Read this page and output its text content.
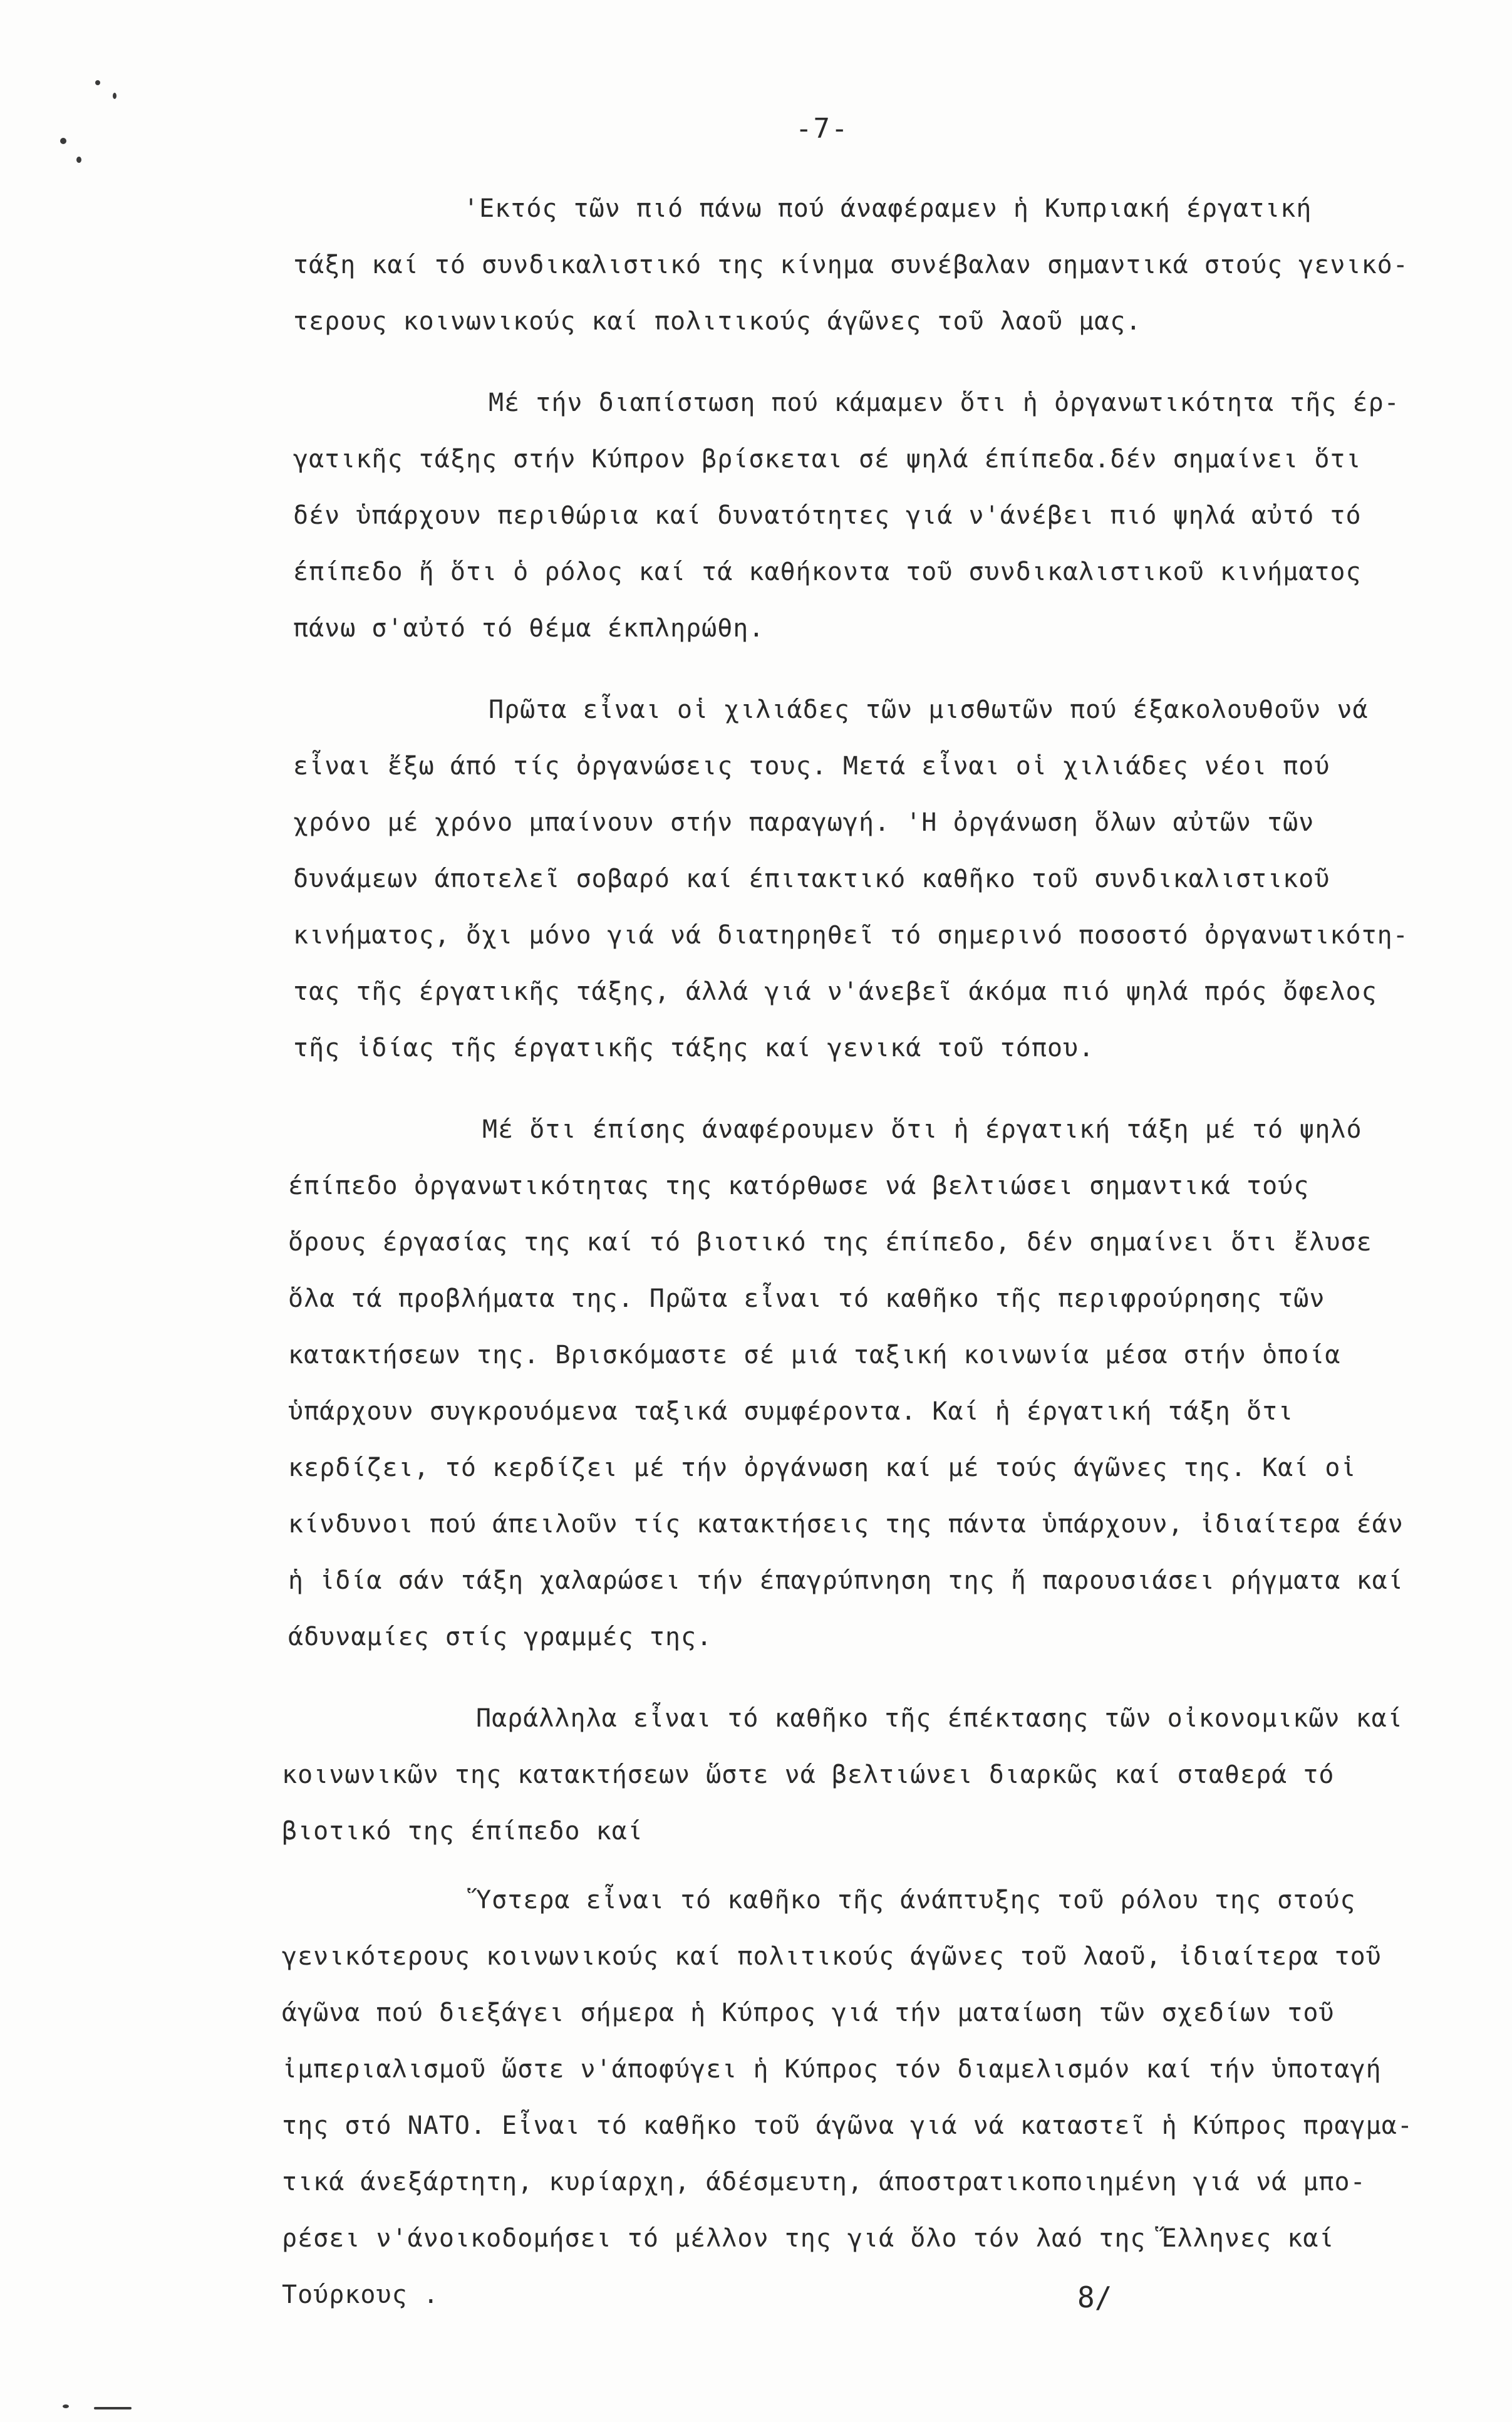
-7-
'Εκτός τῶν πιό πάνω πού άναφέραμεν ἡ Κυπριακή έργατική
τάξη καί τό συνδικαλιστικό της κίνημα συνέβαλαν σημαντικά στούς γενικό-
τερους κοινωνικούς καί πολιτικούς άγῶνες τοῦ λαοῦ μας.
Μέ τήν διαπίστωση πού κάμαμεν ὅτι ἡ ὀργανωτικότητα τῆς έρ-
γατικῆς τάξης στήν Κύπρον βρίσκεται σέ ψηλά έπίπεδα.δέν σημαίνει ὅτι
δέν ὑπάρχουν περιθώρια καί δυνατότητες γιά ν'άνέβει πιό ψηλά αὐτό τό
έπίπεδο ἤ ὅτι ὁ ρόλος καί τά καθήκοντα τοῦ συνδικαλιστικοῦ κινήματος
πάνω σ'αὐτό τό θέμα έκπληρώθη.
Πρῶτα εἶναι οἱ χιλιάδες τῶν μισθωτῶν πού έξακολουθοῦν νά
εἶναι ἔξω άπό τίς ὀργανώσεις τους. Μετά εἶναι οἱ χιλιάδες νέοι πού
χρόνο μέ χρόνο μπαίνουν στήν παραγωγή. 'Η ὀργάνωση ὅλων αὐτῶν τῶν
δυνάμεων άποτελεῖ σοβαρό καί έπιτακτικό καθῆκο τοῦ συνδικαλιστικοῦ
κινήματος, ὄχι μόνο γιά νά διατηρηθεῖ τό σημερινό ποσοστό ὀργανωτικότη-
τας τῆς έργατικῆς τάξης, άλλά γιά ν'άνεβεῖ άκόμα πιό ψηλά πρός ὄφελος
τῆς ἰδίας τῆς έργατικῆς τάξης καί γενικά τοῦ τόπου.
Μέ ὅτι έπίσης άναφέρουμεν ὅτι ἡ έργατική τάξη μέ τό ψηλό
έπίπεδο ὀργανωτικότητας της κατόρθωσε νά βελτιώσει σημαντικά τούς
ὅρους έργασίας της καί τό βιοτικό της έπίπεδο, δέν σημαίνει ὅτι ἔλυσε
ὅλα τά προβλήματα της. Πρῶτα εἶναι τό καθῆκο τῆς περιφρούρησης τῶν
κατακτήσεων της. Βρισκόμαστε σέ μιά ταξική κοινωνία μέσα στήν ὁποία
ὑπάρχουν συγκρουόμενα ταξικά συμφέροντα. Καί ἡ έργατική τάξη ὅτι
κερδίζει, τό κερδίζει μέ τήν ὀργάνωση καί μέ τούς άγῶνες της. Καί οἱ
κίνδυνοι πού άπειλοῦν τίς κατακτήσεις της πάντα ὑπάρχουν, ἰδιαίτερα έάν
ἡ ἰδία σάν τάξη χαλαρώσει τήν έπαγρύπνηση της ἤ παρουσιάσει ρήγματα καί
άδυναμίες στίς γραμμές της.
Παράλληλα εἶναι τό καθῆκο τῆς έπέκτασης τῶν οἰκονομικῶν καί
κοινωνικῶν της κατακτήσεων ὥστε νά βελτιώνει διαρκῶς καί σταθερά τό
βιοτικό της έπίπεδο καί
Ὕστερα εἶναι τό καθῆκο τῆς άνάπτυξης τοῦ ρόλου της στούς
γενικότερους κοινωνικούς καί πολιτικούς άγῶνες τοῦ λαοῦ, ἰδιαίτερα τοῦ
άγῶνα πού διεξάγει σήμερα ἡ Κύπρος γιά τήν ματαίωση τῶν σχεδίων τοῦ
ἰμπεριαλισμοῦ ὥστε ν'άποφύγει ἡ Κύπρος τόν διαμελισμόν καί τήν ὑποταγή
της στό ΝΑΤΟ. Εἶναι τό καθῆκο τοῦ άγῶνα γιά νά καταστεῖ ἡ Κύπρος πραγμα-
τικά άνεξάρτητη, κυρίαρχη, άδέσμευτη, άποστρατικοποιημένη γιά νά μπο-
ρέσει ν'άνοικοδομήσει τό μέλλον της γιά ὅλο τόν λαό της Ἕλληνες καί
Τούρκους .	8/
